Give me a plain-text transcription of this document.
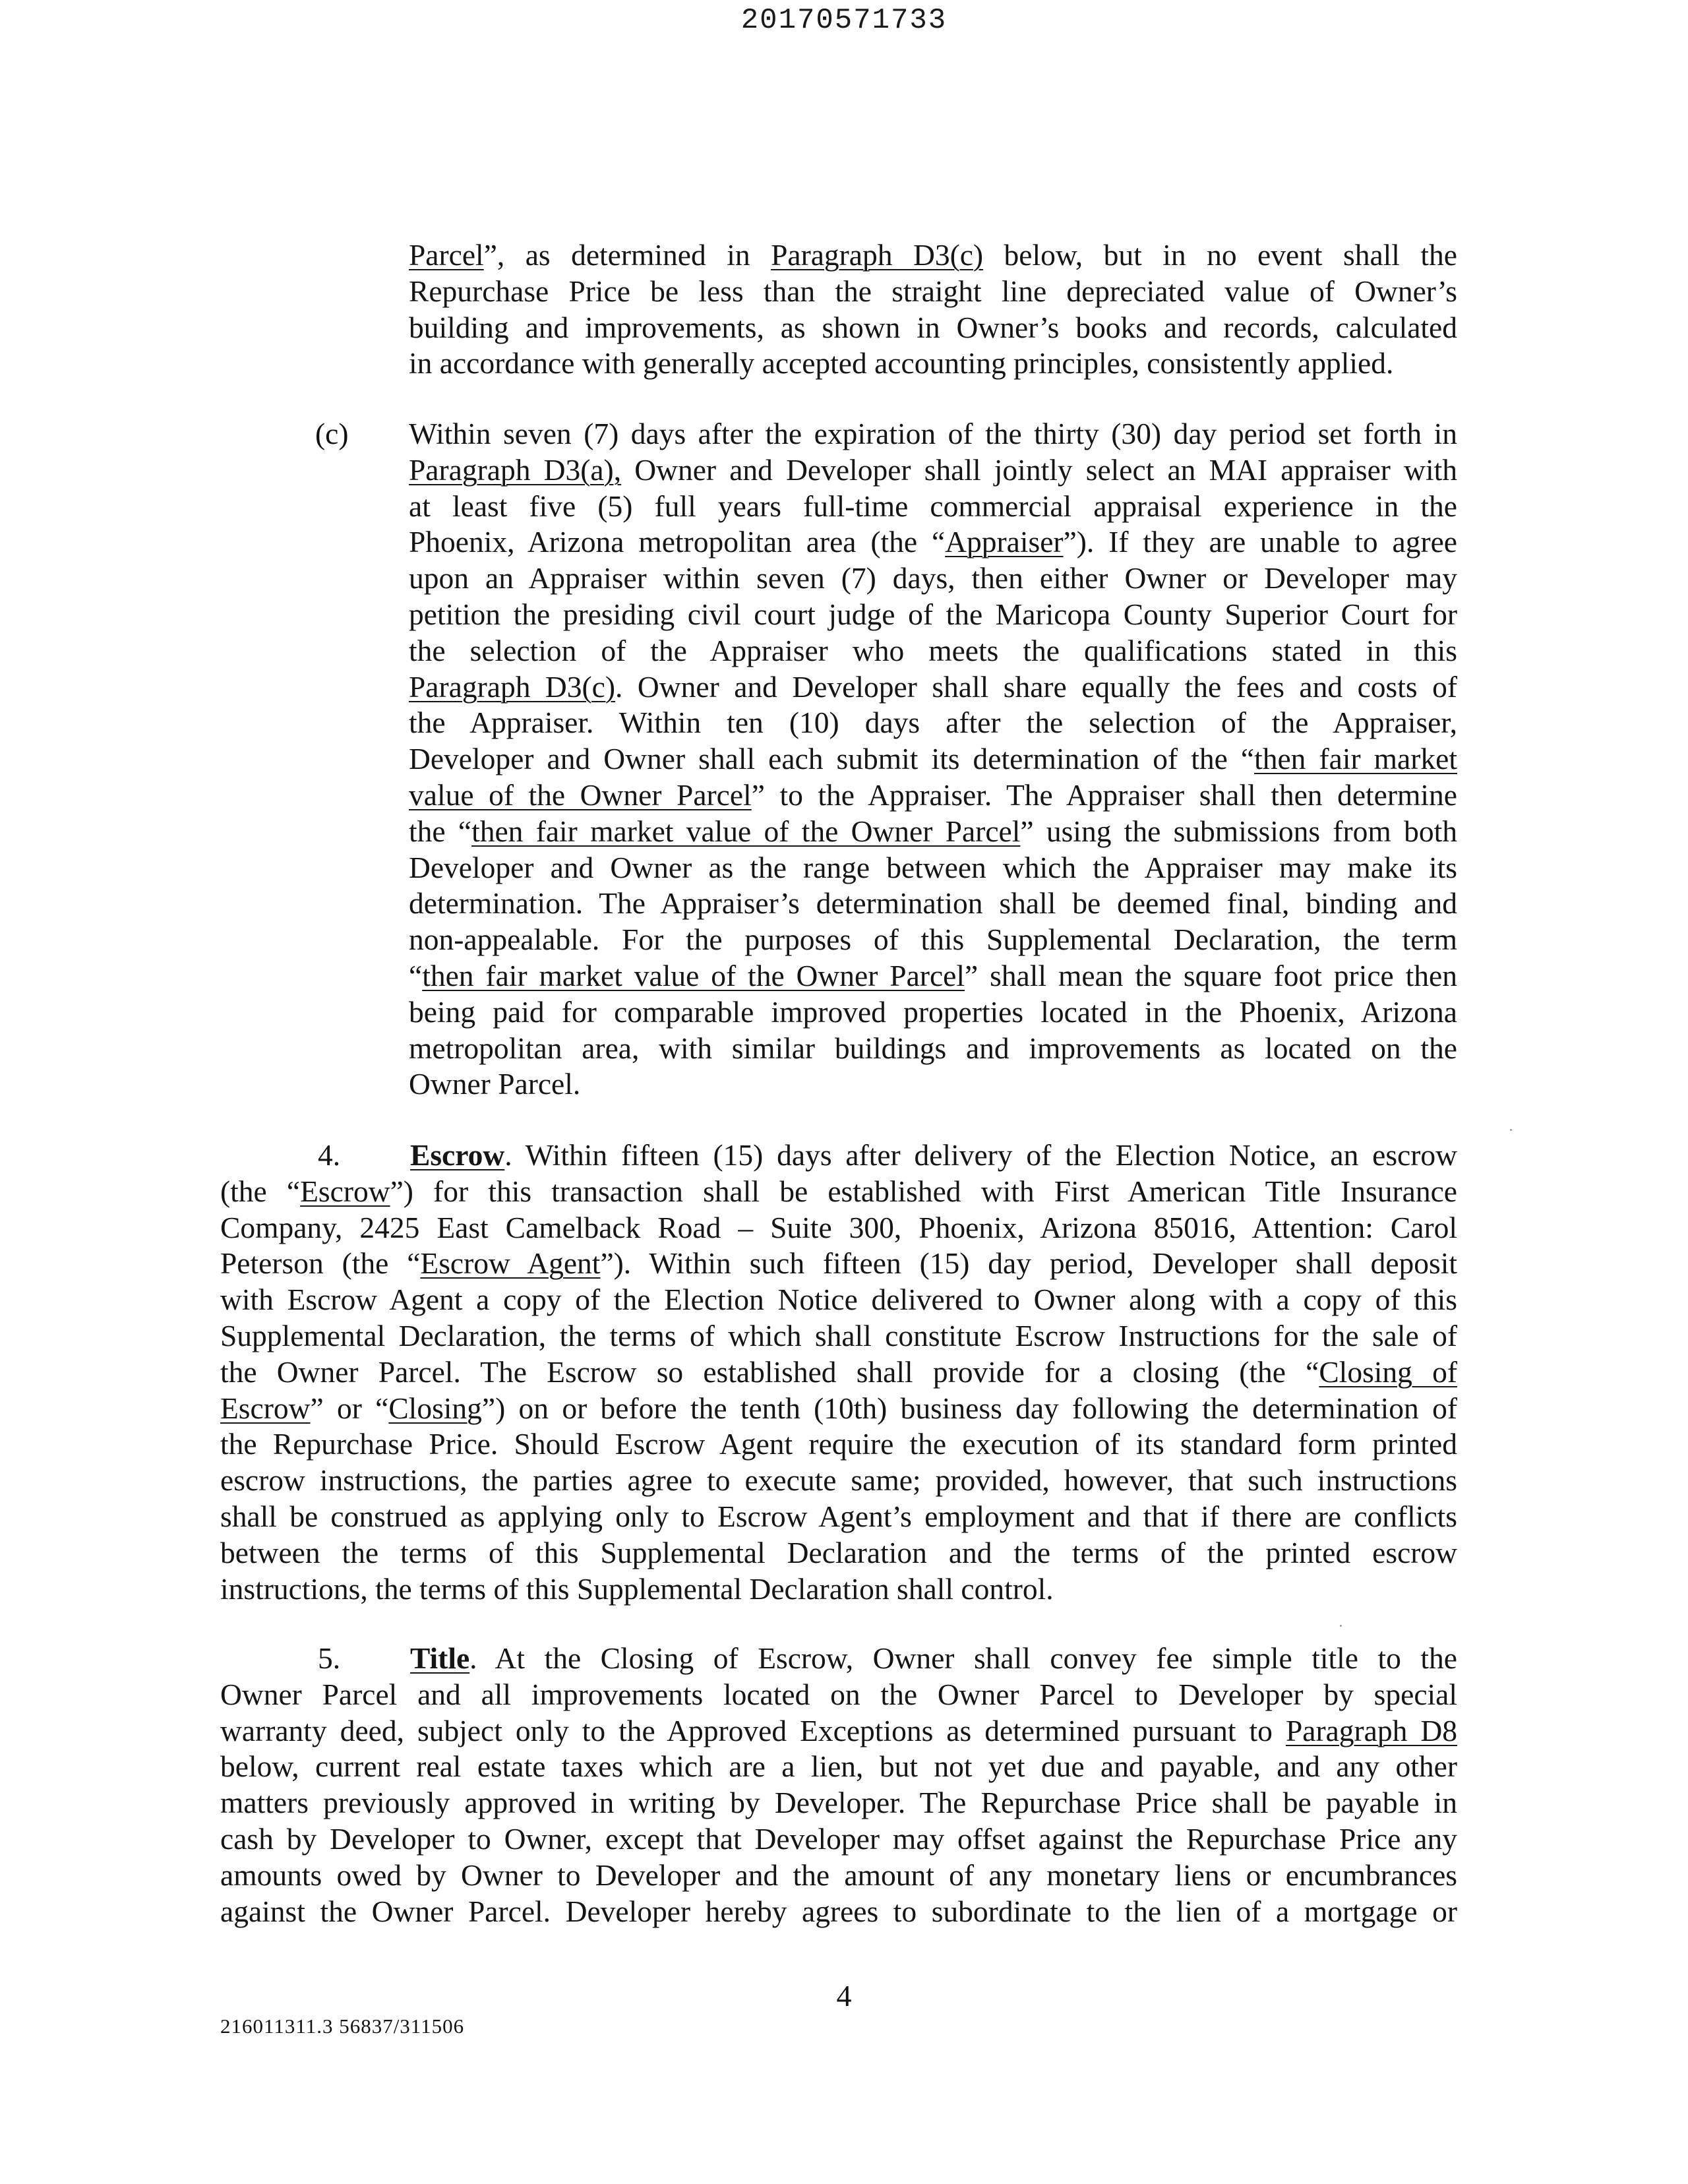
20170571733
Parcel”, as determined in Paragraph D3(c) below, but in no event shall the
Repurchase Price be less than the straight line depreciated value of Owner’s
building and improvements, as shown in Owner’s books and records, calculated
in accordance with generally accepted accounting principles, consistently applied.
(c) Within seven (7) days after the expiration of the thirty (30) day period set forth in
Paragraph D3(a), Owner and Developer shall jointly select an MAI appraiser with
at least five (5) full years full-time commercial appraisal experience in the
Phoenix, Arizona metropolitan area (the “Appraiser”). If they are unable to agree
upon an Appraiser within seven (7) days, then either Owner or Developer may
petition the presiding civil court judge of the Maricopa County Superior Court for
the selection of the Appraiser who meets the qualifications stated in this
Paragraph D3(c). Owner and Developer shall share equally the fees and costs of
the Appraiser. Within ten (10) days after the selection of the Appraiser,
Developer and Owner shall each submit its determination of the “then fair market
value of the Owner Parcel” to the Appraiser. The Appraiser shall then determine
the “then fair market value of the Owner Parcel” using the submissions from both
Developer and Owner as the range between which the Appraiser may make its
determination. The Appraiser’s determination shall be deemed final, binding and
non-appealable. For the purposes of this Supplemental Declaration, the term
“then fair market value of the Owner Parcel” shall mean the square foot price then
being paid for comparable improved properties located in the Phoenix, Arizona
metropolitan area, with similar buildings and improvements as located on the
Owner Parcel.
4. Escrow. Within fifteen (15) days after delivery of the Election Notice, an escrow
(the “Escrow”) for this transaction shall be established with First American Title Insurance
Company, 2425 East Camelback Road – Suite 300, Phoenix, Arizona 85016, Attention: Carol
Peterson (the “Escrow Agent”). Within such fifteen (15) day period, Developer shall deposit
with Escrow Agent a copy of the Election Notice delivered to Owner along with a copy of this
Supplemental Declaration, the terms of which shall constitute Escrow Instructions for the sale of
the Owner Parcel. The Escrow so established shall provide for a closing (the “Closing of
Escrow” or “Closing”) on or before the tenth (10th) business day following the determination of
the Repurchase Price. Should Escrow Agent require the execution of its standard form printed
escrow instructions, the parties agree to execute same; provided, however, that such instructions
shall be construed as applying only to Escrow Agent’s employment and that if there are conflicts
between the terms of this Supplemental Declaration and the terms of the printed escrow
instructions, the terms of this Supplemental Declaration shall control.
5. Title. At the Closing of Escrow, Owner shall convey fee simple title to the
Owner Parcel and all improvements located on the Owner Parcel to Developer by special
warranty deed, subject only to the Approved Exceptions as determined pursuant to Paragraph D8
below, current real estate taxes which are a lien, but not yet due and payable, and any other
matters previously approved in writing by Developer. The Repurchase Price shall be payable in
cash by Developer to Owner, except that Developer may offset against the Repurchase Price any
amounts owed by Owner to Developer and the amount of any monetary liens or encumbrances
against the Owner Parcel. Developer hereby agrees to subordinate to the lien of a mortgage or
4
216011311.3 56837/311506
